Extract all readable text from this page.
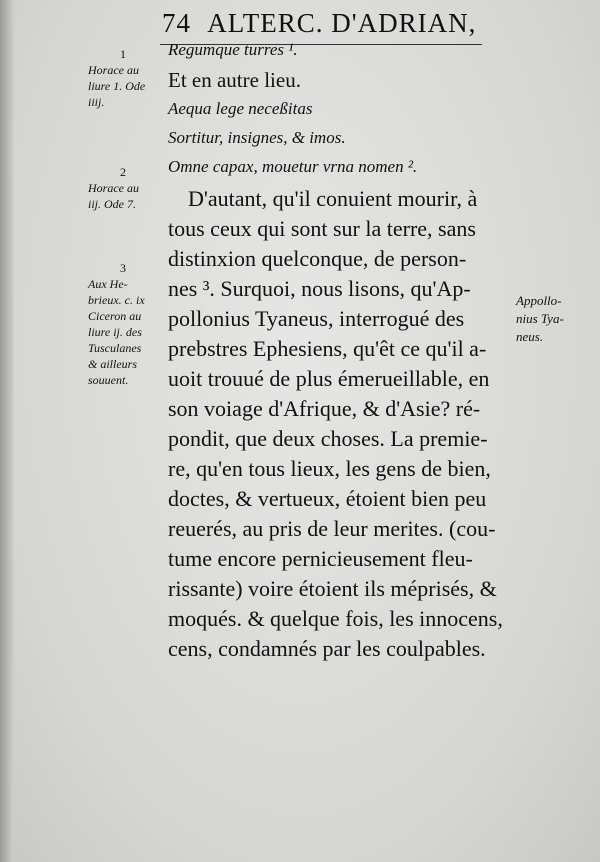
74 ALTERC. D'ADRIAN,
Regumque turres ¹.
Et en autre lieu.
Aequa lege neceßitas
Sortitur, insignes, & imos.
Omne capax, mouetur vrna nomen ².
D'autant, qu'il conuient mourir, à
tous ceux qui sont sur la terre, sans
distinxion quelconque, de person-
nes ³. Surquoi, nous lisons, qu'Ap-
pollonius Tyaneus, interrogué des
prebstres Ephesiens, qu'êt ce qu'il a-
uoit trouué de plus émerueillable, en
son voiage d'Afrique, & d'Asie? ré-
pondit, que deux choses. La premie-
re, qu'en tous lieux, les gens de bien,
doctes, & vertueux, étoient bien peu
reuerés, au pris de leur merites. (cou-
tume encore pernicieusement fleu-
rissante) voire étoient ils méprisés, &
moqués. & quelque fois, les innocens,
cens, condamnés par les coulpables.
1
Horace au
liure 1. Ode
iiij.
2
Horace au
iij. Ode 7.
3
Aux He-
brieux. c. ix
Ciceron au
liure ij. des
Tusculanes
& ailleurs
souuent.
Appollo-
nius Tya-
neus.
